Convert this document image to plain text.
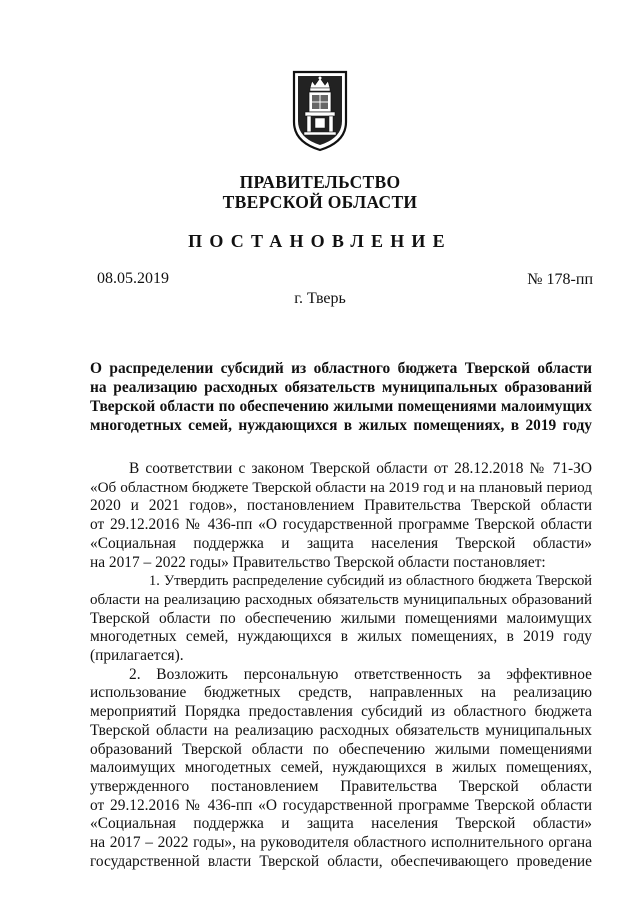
ПРАВИТЕЛЬСТВО
ТВЕРСКОЙ ОБЛАСТИ
ПОСТАНОВЛЕНИЕ
08.05.2019	№ 178-пп
г. Тверь
О распределении субсидий из областного бюджета Тверской области
на реализацию расходных обязательств муниципальных образований
Тверской области по обеспечению жилыми помещениями малоимущих
многодетных семей, нуждающихся в жилых помещениях, в 2019 году
В соответствии с законом Тверской области от 28.12.2018 № 71-ЗО
«Об областном бюджете Тверской области на 2019 год и на плановый период
2020 и 2021 годов», постановлением Правительства Тверской области
от 29.12.2016 № 436-пп «О государственной программе Тверской области
«Социальная поддержка и защита населения Тверской области»
на 2017 – 2022 годы» Правительство Тверской области постановляет:
1. Утвердить распределение субсидий из областного бюджета Тверской
области на реализацию расходных обязательств муниципальных образований
Тверской области по обеспечению жилыми помещениями малоимущих
многодетных семей, нуждающихся в жилых помещениях, в 2019 году
(прилагается).
2. Возложить персональную ответственность за эффективное
использование бюджетных средств, направленных на реализацию
мероприятий Порядка предоставления субсидий из областного бюджета
Тверской области на реализацию расходных обязательств муниципальных
образований Тверской области по обеспечению жилыми помещениями
малоимущих многодетных семей, нуждающихся в жилых помещениях,
утвержденного постановлением Правительства Тверской области
от 29.12.2016 № 436-пп «О государственной программе Тверской области
«Социальная поддержка и защита населения Тверской области»
на 2017 – 2022 годы», на руководителя областного исполнительного органа
государственной власти Тверской области, обеспечивающего проведение
